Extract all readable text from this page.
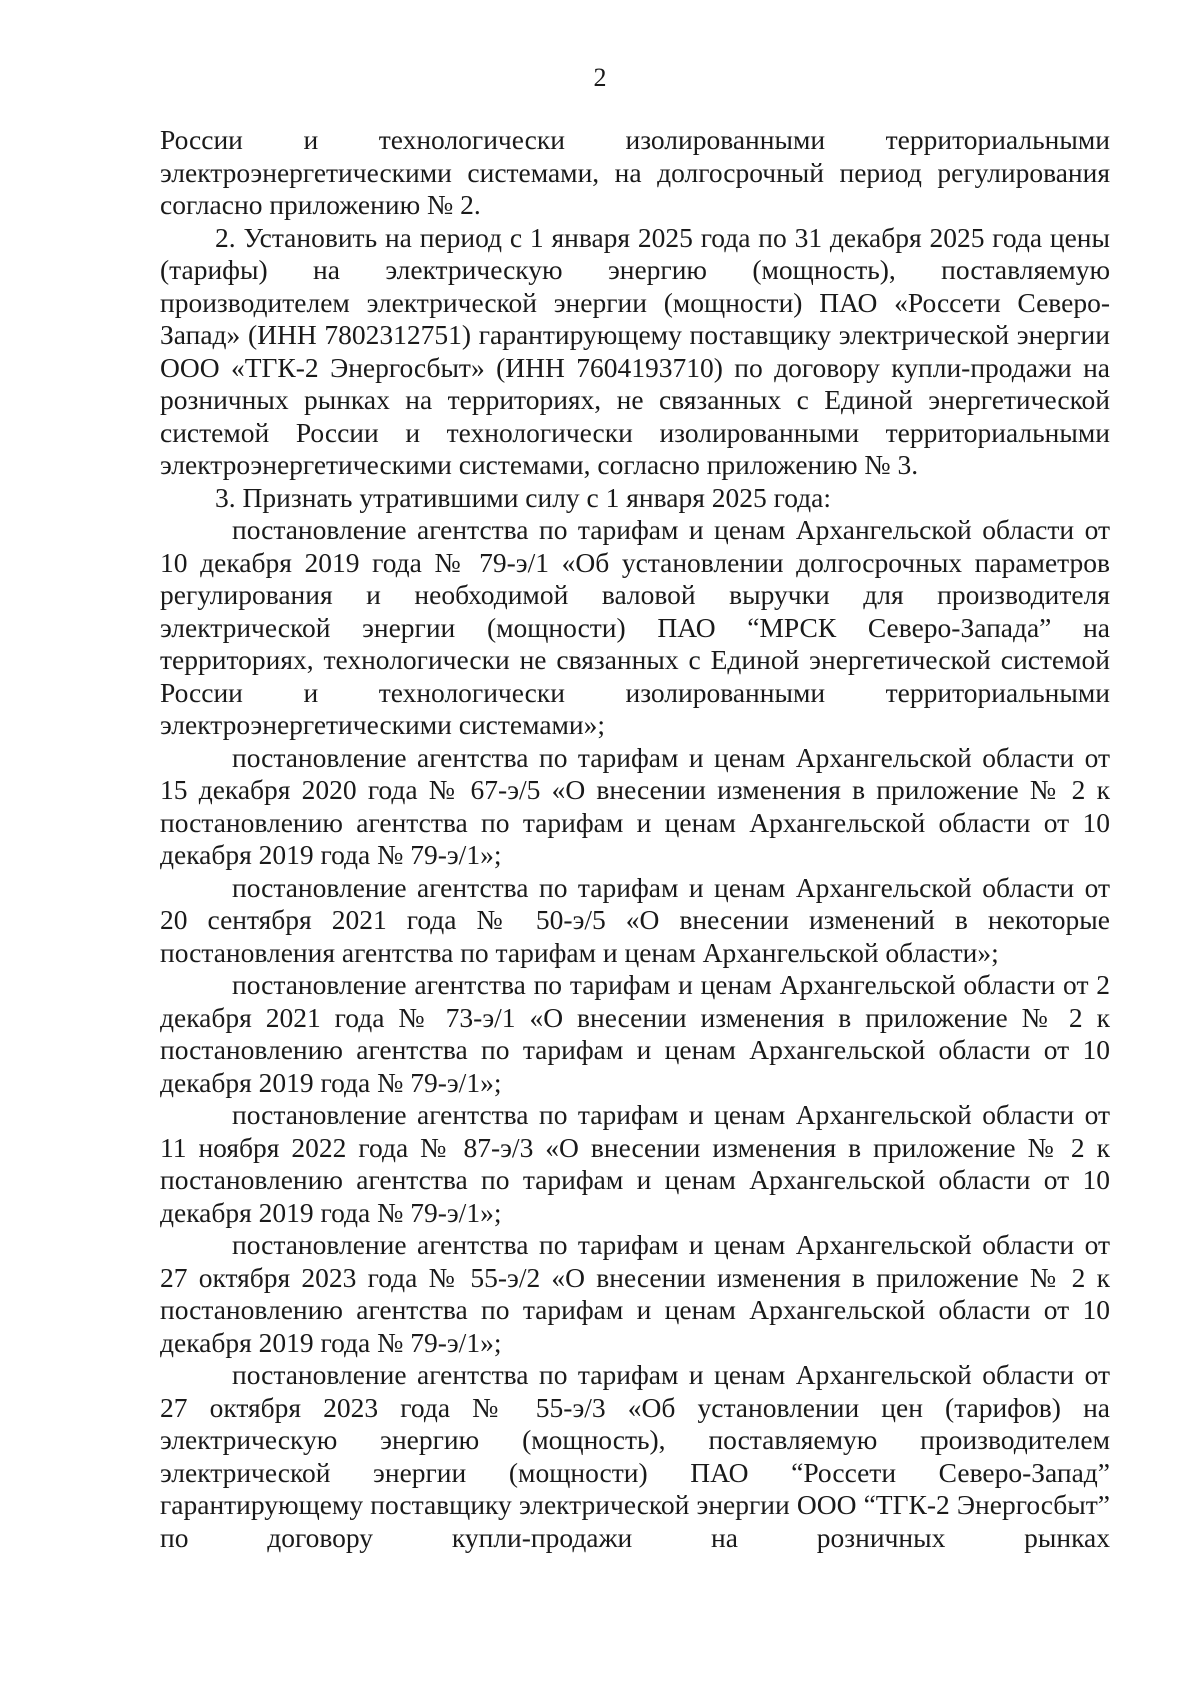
2

России и технологически изолированными территориальными электроэнергетическими системами, на долгосрочный период регулирования согласно приложению № 2.

2. Установить на период с 1 января 2025 года по 31 декабря 2025 года цены (тарифы) на электрическую энергию (мощность), поставляемую производителем электрической энергии (мощности) ПАО «Россети Северо-Запад» (ИНН 7802312751) гарантирующему поставщику электрической энергии ООО «ТГК-2 Энергосбыт» (ИНН 7604193710) по договору купли-продажи на розничных рынках на территориях, не связанных с Единой энергетической системой России и технологически изолированными территориальными электроэнергетическими системами, согласно приложению № 3.

3. Признать утратившими силу с 1 января 2025 года:

постановление агентства по тарифам и ценам Архангельской области от 10 декабря 2019 года № 79-э/1 «Об установлении долгосрочных параметров регулирования и необходимой валовой выручки для производителя электрической энергии (мощности) ПАО “МРСК Северо-Запада” на территориях, технологически не связанных с Единой энергетической системой России и технологически изолированными территориальными электроэнергетическими системами»;

постановление агентства по тарифам и ценам Архангельской области от 15 декабря 2020 года № 67-э/5 «О внесении изменения в приложение № 2 к постановлению агентства по тарифам и ценам Архангельской области от 10 декабря 2019 года № 79-э/1»;

постановление агентства по тарифам и ценам Архангельской области от 20 сентября 2021 года № 50-э/5 «О внесении изменений в некоторые постановления агентства по тарифам и ценам Архангельской области»;

постановление агентства по тарифам и ценам Архангельской области от 2 декабря 2021 года № 73-э/1 «О внесении изменения в приложение № 2 к постановлению агентства по тарифам и ценам Архангельской области от 10 декабря 2019 года № 79-э/1»;

постановление агентства по тарифам и ценам Архангельской области от 11 ноября 2022 года № 87-э/3 «О внесении изменения в приложение № 2 к постановлению агентства по тарифам и ценам Архангельской области от 10 декабря 2019 года № 79-э/1»;

постановление агентства по тарифам и ценам Архангельской области от 27 октября 2023 года № 55-э/2 «О внесении изменения в приложение № 2 к постановлению агентства по тарифам и ценам Архангельской области от 10 декабря 2019 года № 79-э/1»;

постановление агентства по тарифам и ценам Архангельской области от 27 октября 2023 года № 55-э/3 «Об установлении цен (тарифов) на электрическую энергию (мощность), поставляемую производителем электрической энергии (мощности) ПАО “Россети Северо-Запад” гарантирующему поставщику электрической энергии ООО “ТГК-2 Энергосбыт” по договору купли-продажи на розничных рынках
